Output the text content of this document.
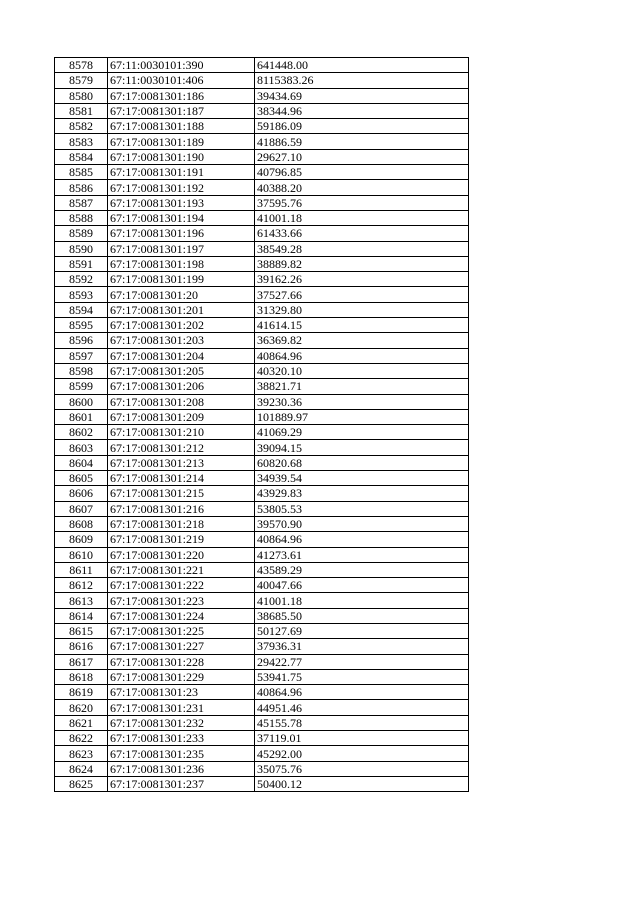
8578	67:11:0030101:390	641448.00
8579	67:11:0030101:406	8115383.26
8580	67:17:0081301:186	39434.69
8581	67:17:0081301:187	38344.96
8582	67:17:0081301:188	59186.09
8583	67:17:0081301:189	41886.59
8584	67:17:0081301:190	29627.10
8585	67:17:0081301:191	40796.85
8586	67:17:0081301:192	40388.20
8587	67:17:0081301:193	37595.76
8588	67:17:0081301:194	41001.18
8589	67:17:0081301:196	61433.66
8590	67:17:0081301:197	38549.28
8591	67:17:0081301:198	38889.82
8592	67:17:0081301:199	39162.26
8593	67:17:0081301:20	37527.66
8594	67:17:0081301:201	31329.80
8595	67:17:0081301:202	41614.15
8596	67:17:0081301:203	36369.82
8597	67:17:0081301:204	40864.96
8598	67:17:0081301:205	40320.10
8599	67:17:0081301:206	38821.71
8600	67:17:0081301:208	39230.36
8601	67:17:0081301:209	101889.97
8602	67:17:0081301:210	41069.29
8603	67:17:0081301:212	39094.15
8604	67:17:0081301:213	60820.68
8605	67:17:0081301:214	34939.54
8606	67:17:0081301:215	43929.83
8607	67:17:0081301:216	53805.53
8608	67:17:0081301:218	39570.90
8609	67:17:0081301:219	40864.96
8610	67:17:0081301:220	41273.61
8611	67:17:0081301:221	43589.29
8612	67:17:0081301:222	40047.66
8613	67:17:0081301:223	41001.18
8614	67:17:0081301:224	38685.50
8615	67:17:0081301:225	50127.69
8616	67:17:0081301:227	37936.31
8617	67:17:0081301:228	29422.77
8618	67:17:0081301:229	53941.75
8619	67:17:0081301:23	40864.96
8620	67:17:0081301:231	44951.46
8621	67:17:0081301:232	45155.78
8622	67:17:0081301:233	37119.01
8623	67:17:0081301:235	45292.00
8624	67:17:0081301:236	35075.76
8625	67:17:0081301:237	50400.12
